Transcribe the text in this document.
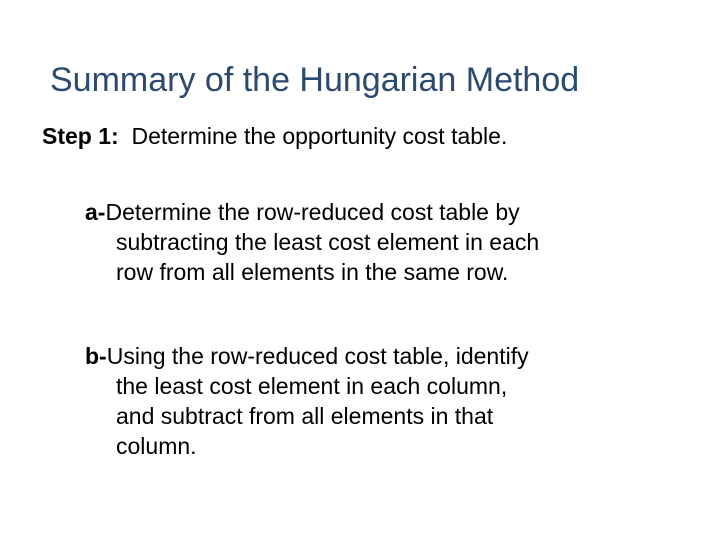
Summary of the Hungarian Method
Step 1: Determine the opportunity cost table.
a-Determine the row-reduced cost table by
subtracting the least cost element in each
row from all elements in the same row.
b-Using the row-reduced cost table, identify
the least cost element in each column,
and subtract from all elements in that
column.
